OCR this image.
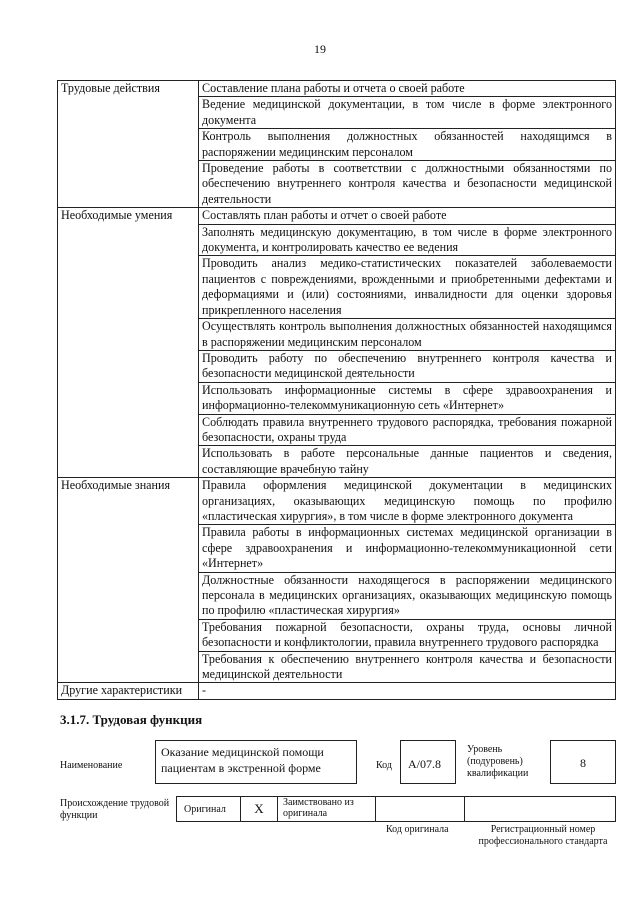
19
Трудовые действия	Составление плана работы и отчета о своей работе
	Ведение медицинской документации, в том числе в форме электронного документа
	Контроль выполнения должностных обязанностей находящимся в распоряжении медицинским персоналом
	Проведение работы в соответствии с должностными обязанностями по обеспечению внутреннего контроля качества и безопасности медицинской деятельности
Необходимые умения	Составлять план работы и отчет о своей работе
	Заполнять медицинскую документацию, в том числе в форме электронного документа, и контролировать качество ее ведения
	Проводить анализ медико-статистических показателей заболеваемости пациентов с повреждениями, врожденными и приобретенными дефектами и деформациями и (или) состояниями, инвалидности для оценки здоровья прикрепленного населения
	Осуществлять контроль выполнения должностных обязанностей находящимся в распоряжении медицинским персоналом
	Проводить работу по обеспечению внутреннего контроля качества и безопасности медицинской деятельности
	Использовать информационные системы в сфере здравоохранения и информационно-телекоммуникационную сеть «Интернет»
	Соблюдать правила внутреннего трудового распорядка, требования пожарной безопасности, охраны труда
	Использовать в работе персональные данные пациентов и сведения, составляющие врачебную тайну
Необходимые знания	Правила оформления медицинской документации в медицинских организациях, оказывающих медицинскую помощь по профилю «пластическая хирургия», в том числе в форме электронного документа
	Правила работы в информационных системах медицинской организации в сфере здравоохранения и информационно-телекоммуникационной сети «Интернет»
	Должностные обязанности находящегося в распоряжении медицинского персонала в медицинских организациях, оказывающих медицинскую помощь по профилю «пластическая хирургия»
	Требования пожарной безопасности, охраны труда, основы личной безопасности и конфликтологии, правила внутреннего трудового распорядка
	Требования к обеспечению внутреннего контроля качества и безопасности медицинской деятельности
Другие характеристики	-
3.1.7. Трудовая функция
Наименование
Оказание медицинской помощи пациентам в экстренной форме	Код	А/07.8
Уровень (подуровень) квалификации
8
Происхождение трудовой функции
Оригинал	X	Заимствовано из оригинала
Код оригинала	Регистрационный номер профессионального стандарта
